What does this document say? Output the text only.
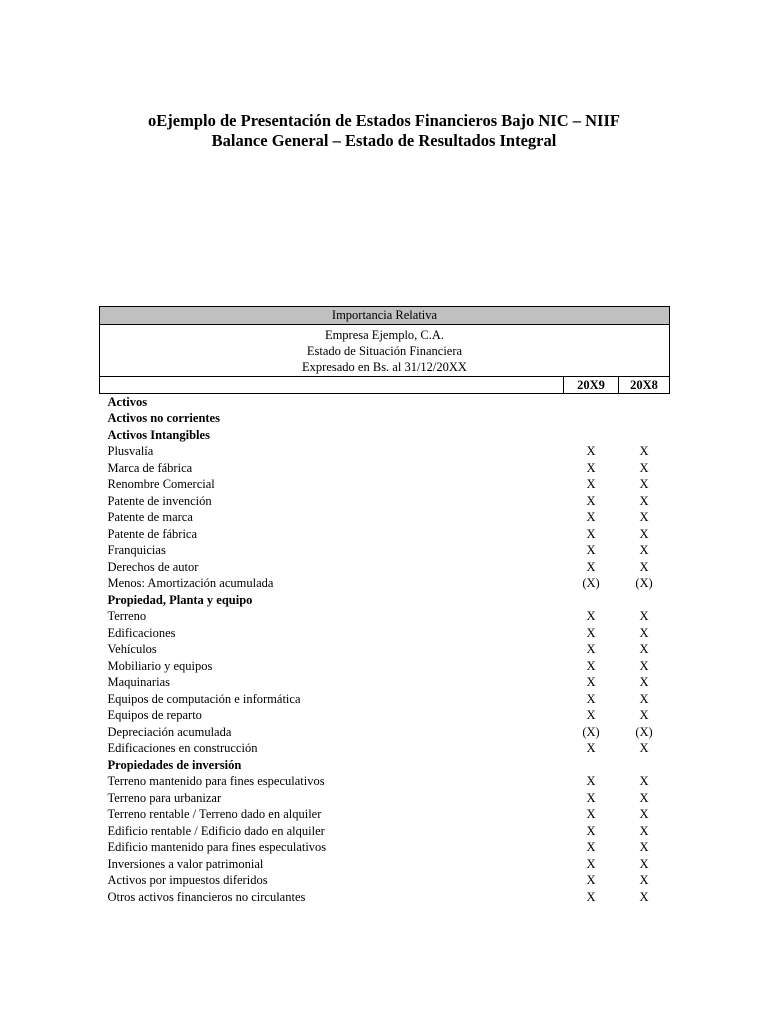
oEjemplo de Presentación de Estados Financieros Bajo NIC – NIIF
Balance General – Estado de Resultados Integral
Importancia Relativa		

Empresa Ejemplo, C.A.
Estado de Situación Financiera
Expresado en Bs. al 31/12/20XX		

	20X9	20X8
Activos		
Activos no corrientes		
Activos Intangibles		
Plusvalía	X	X
Marca de fábrica	X	X
Renombre Comercial	X	X
Patente de invención	X	X
Patente de marca	X	X
Patente de fábrica	X	X
Franquicias	X	X
Derechos de autor	X	X
Menos: Amortización acumulada	(X)	(X)
Propiedad, Planta y equipo		
Terreno	X	X
Edificaciones	X	X
Vehículos	X	X
Mobiliario y equipos	X	X
Maquinarias	X	X
Equipos de computación e informática	X	X
Equipos de reparto	X	X
Depreciación acumulada	(X)	(X)
Edificaciones en construcción	X	X
Propiedades de inversión		
Terreno mantenido para fines especulativos	X	X
Terreno para urbanizar	X	X
Terreno rentable / Terreno dado en alquiler	X	X
Edificio rentable / Edificio dado en alquiler	X	X
Edificio mantenido para fines especulativos	X	X
Inversiones a valor patrimonial	X	X
Activos por impuestos diferidos	X	X
Otros activos financieros no circulantes	X	X
